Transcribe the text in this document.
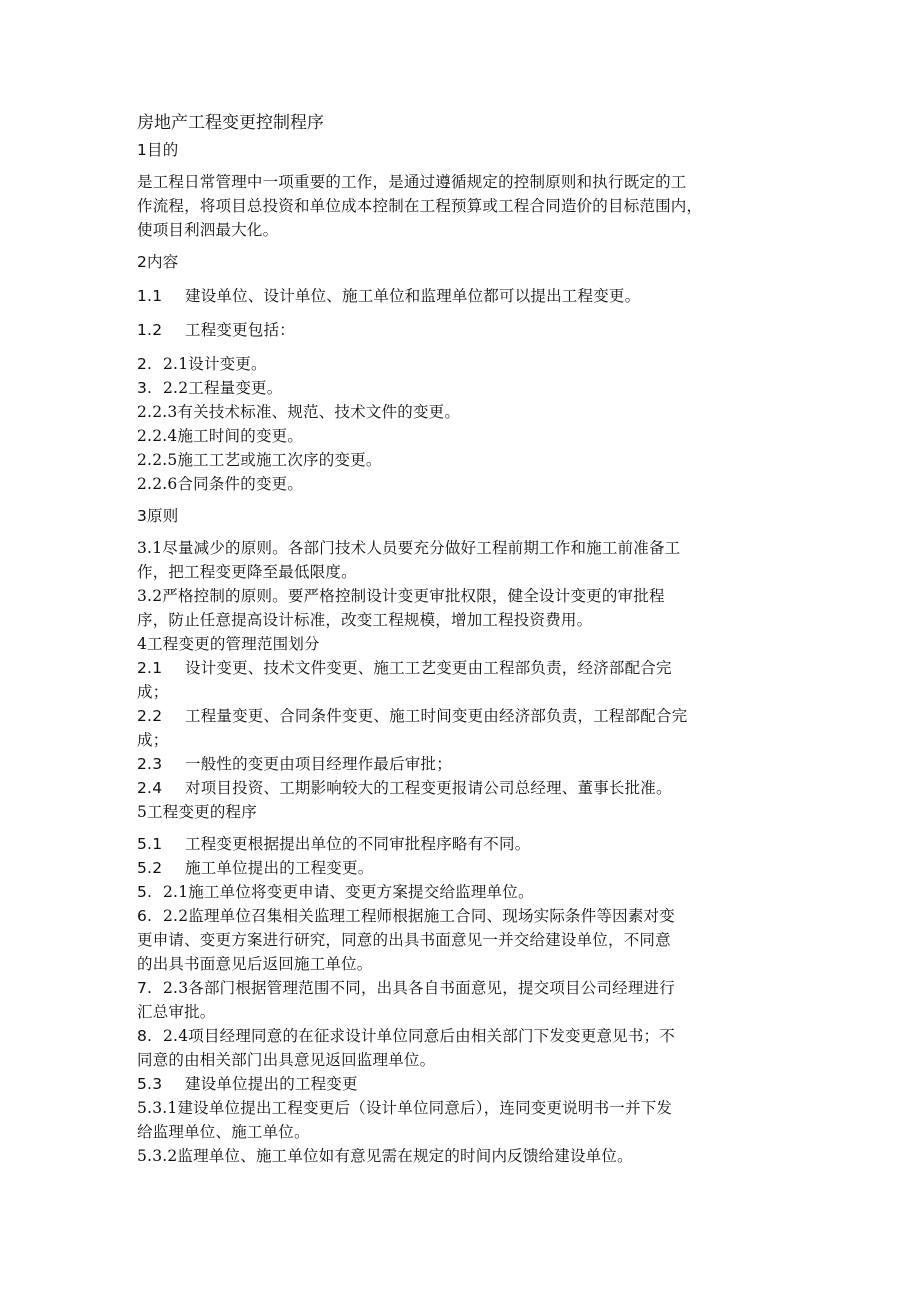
房地产工程变更控制程序
1目的
是工程日常管理中一项重要的工作，是通过遵循规定的控制原则和执行既定的工
作流程，将项目总投资和单位成本控制在工程预算或工程合同造价的目标范围内，
使项目利泗最大化。
2内容
1.1 建设单位、设计单位、施工单位和监理单位都可以提出工程变更。
1.2 工程变更包括：
2. 2.1设计变更。
3. 2.2工程量变更。
2.2.3有关技术标准、规范、技术文件的变更。
2.2.4施工时间的变更。
2.2.5施工工艺或施工次序的变更。
2.2.6合同条件的变更。
3原则
3.1尽量减少的原则。各部门技术人员要充分做好工程前期工作和施工前准备工
作，把工程变更降至最低限度。
3.2严格控制的原则。要严格控制设计变更审批权限，健全设计变更的审批程
序，防止任意提高设计标准，改变工程规模，增加工程投资费用。
4工程变更的管理范围划分
2.1 设计变更、技术文件变更、施工工艺变更由工程部负责，经济部配合完
成；
2.2 工程量变更、合同条件变更、施工时间变更由经济部负责，工程部配合完
成；
2.3 一般性的变更由项目经理作最后审批；
2.4 对项目投资、工期影响较大的工程变更报请公司总经理、董事长批准。
5工程变更的程序
5.1 工程变更根据提出单位的不同审批程序略有不同。
5.2 施工单位提出的工程变更。
5. 2.1施工单位将变更申请、变更方案提交给监理单位。
6. 2.2监理单位召集相关监理工程师根据施工合同、现场实际条件等因素对变
更申请、变更方案进行研究，同意的出具书面意见一并交给建设单位，不同意
的出具书面意见后返回施工单位。
7. 2.3各部门根据管理范围不同，出具各自书面意见，提交项目公司经理进行
汇总审批。
8. 2.4项目经理同意的在征求设计单位同意后由相关部门下发变更意见书；不
同意的由相关部门出具意见返回监理单位。
5.3 建设单位提出的工程变更
5.3.1建设单位提出工程变更后（设计单位同意后），连同变更说明书一并下发
给监理单位、施工单位。
5.3.2监理单位、施工单位如有意见需在规定的时间内反馈给建设单位。
